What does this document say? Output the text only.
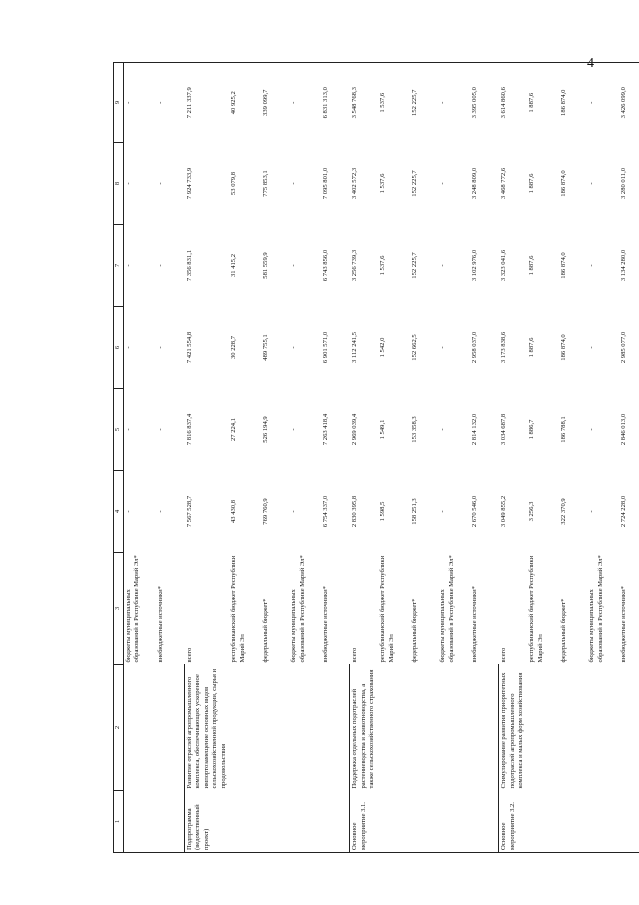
4
1	2	3	4	5	6	7	8	9
		бюджеты муниципальных образований в Республике Марий Эл*	-	-	-	-	-	-
		внебюджетные источники*	-	-	-	-	-	-
Подпрограмма (ведомственный проект)	Развитие отраслей агропромышленного комплекса, обеспечивающих ускоренное импортозамещение основных видов сельскохозяйственной продукции, сырья и продовольствия	всего	7 567 528,7	7 816 837,4	7 421 554,8	7 356 831,1	7 924 733,9	7 211 337,9
		республиканский бюджет Республики Марий Эл	43 430,8	27 224,1	30 228,7	31 415,2	53 079,8	40 925,2
		федеральный бюджет*	769 760,9	526 194,9	489 755,1	581 559,9	775 853,1	339 099,7
		бюджеты муниципальных образований в Республике Марий Эл*	-	-	-	-	-	-
		внебюджетные источники*	6 754 337,0	7 263 418,4	6 901 571,0	6 743 856,0	7 095 801,0	6 831 313,0
Основное мероприятие 3.1.	Поддержка отдельных подотраслей растениеводства и животноводства, а также сельскохозяйственного страхования	всего	2 830 395,8	2 969 039,4	3 112 241,5	3 256 739,3	3 402 572,3	3 548 768,3
		республиканский бюджет Республики Марий Эл	1 598,5	1 549,1	1 542,0	1 537,6	1 537,6	1 537,6
		федеральный бюджет*	158 251,3	153 358,3	152 662,5	152 225,7	152 225,7	152 225,7
		бюджеты муниципальных образований в Республике Марий Эл*	-	-	-	-	-	-
		внебюджетные источники*	2 670 546,0	2 814 132,0	2 958 037,0	3 102 976,0	3 248 809,0	3 395 005,0
Основное мероприятие 3.2.	Стимулирование развития приоритетных подотраслей агропромышленного комплекса и малых форм хозяйствования	всего	3 049 855,2	3 034 687,8	3 173 838,6	3 323 041,6	3 468 772,6	3 614 860,6
		республиканский бюджет Республики Марий Эл	3 256,3	1 886,7	1 887,6	1 887,6	1 887,6	1 887,6
		федеральный бюджет*	322 370,9	186 788,1	186 874,0	186 874,0	186 874,0	186 874,0
		бюджеты муниципальных образований в Республике Марий Эл*	-	-	-	-	-	-
		внебюджетные источники*	2 724 228,0	2 846 013,0	2 985 077,0	3 134 280,0	3 280 011,0	3 426 099,0
